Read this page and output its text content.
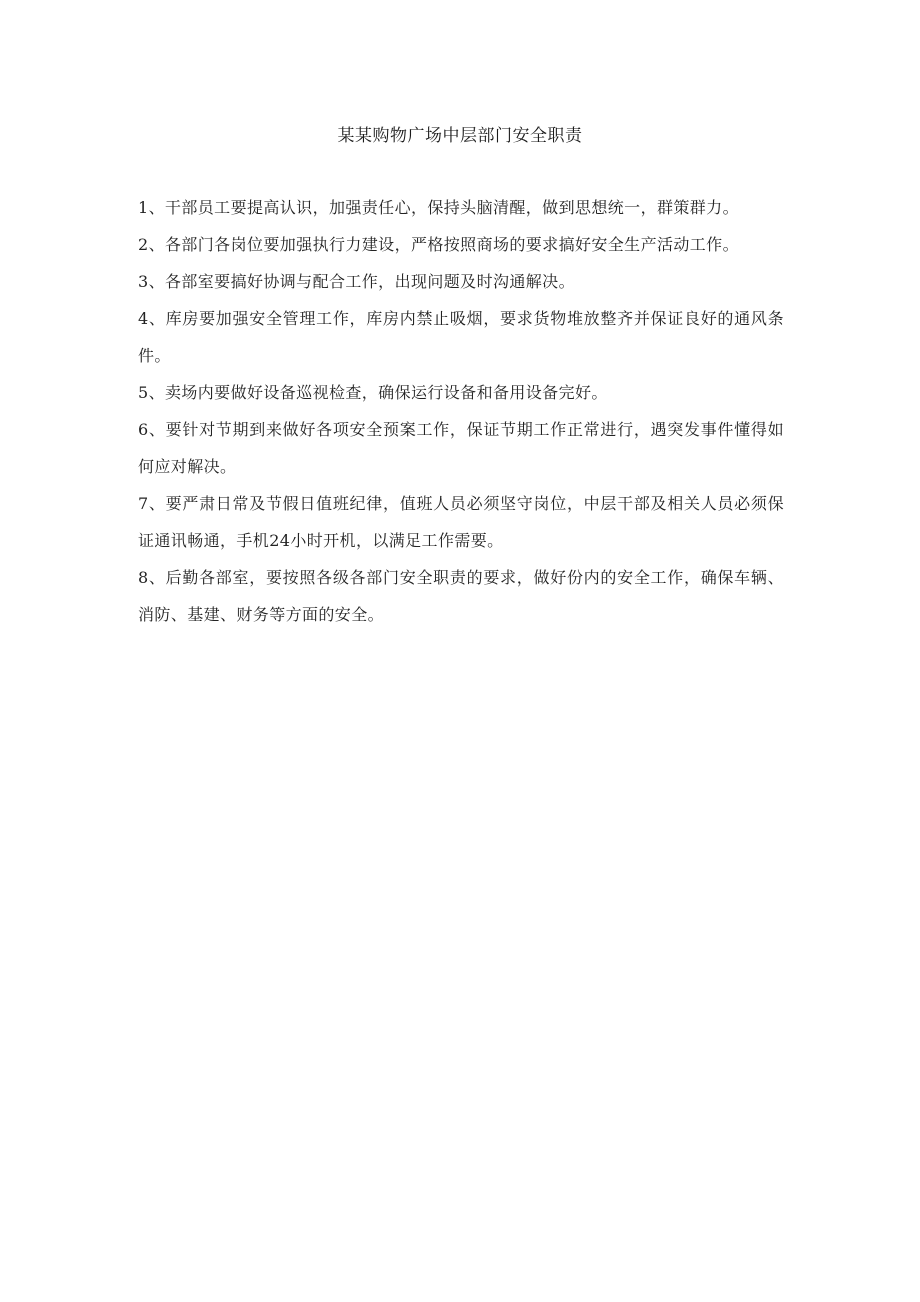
某某购物广场中层部门安全职责

1、干部员工要提高认识，加强责任心，保持头脑清醒，做到思想统一，群策群力。

2、各部门各岗位要加强执行力建设，严格按照商场的要求搞好安全生产活动工作。

3、各部室要搞好协调与配合工作，出现问题及时沟通解决。

4、库房要加强安全管理工作，库房内禁止吸烟，要求货物堆放整齐并保证良好的通风条件。

5、卖场内要做好设备巡视检查，确保运行设备和备用设备完好。

6、要针对节期到来做好各项安全预案工作，保证节期工作正常进行，遇突发事件懂得如何应对解决。

7、要严肃日常及节假日值班纪律，值班人员必须坚守岗位，中层干部及相关人员必须保证通讯畅通，手机24小时开机，以满足工作需要。

8、后勤各部室，要按照各级各部门安全职责的要求，做好份内的安全工作，确保车辆、消防、基建、财务等方面的安全。
